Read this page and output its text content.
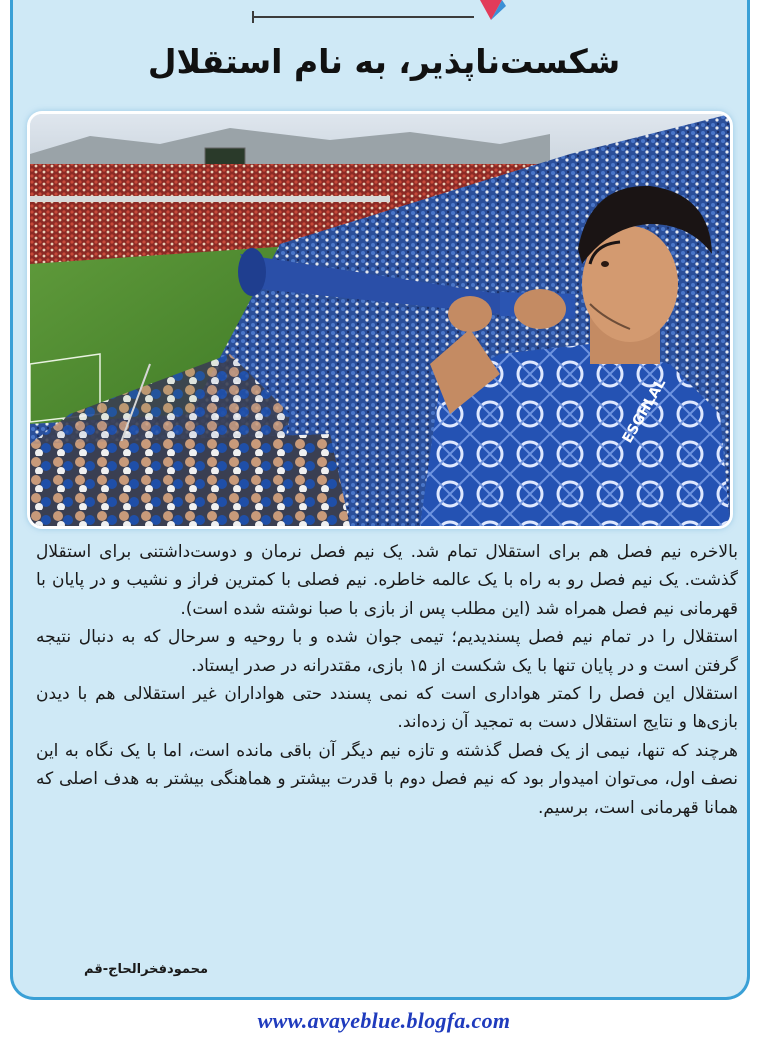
شکست‌ناپذیر، به نام استقلال
ESGHLAL

بالاخره نیم فصل هم برای استقلال تمام شد. یک نیم فصل نرمان و دوست‌داشتنی برای استقلال گذشت. یک نیم فصل رو به راه با یک عالمه خاطره. نیم فصلی با کمترین فراز و نشیب و در پایان با قهرمانی نیم فصل همراه شد (این مطلب پس از بازی با صبا نوشته شده است).

استقلال را در تمام نیم فصل پسندیدیم؛ تیمی جوان شده و با روحیه و سرحال که به دنبال نتیجه گرفتن است و در پایان تنها با یک شکست از ۱۵ بازی، مقتدرانه در صدر ایستاد.

استقلال این فصل را کمتر هواداری است که نمی پسندد حتی هواداران غیر استقلالی هم با دیدن بازی‌ها و نتایج استقلال دست به تمجید آن زده‌اند.

هرچند که تنها، نیمی از یک فصل گذشته و تازه نیم دیگر آن باقی مانده است، اما با یک نگاه به این نصف اول، می‌توان امیدوار بود که نیم فصل دوم با قدرت بیشتر و هماهنگی بیشتر به هدف اصلی که همانا قهرمانی است، برسیم.

محمودفخرالحاج-قم
www.avayeblue.blogfa.com
